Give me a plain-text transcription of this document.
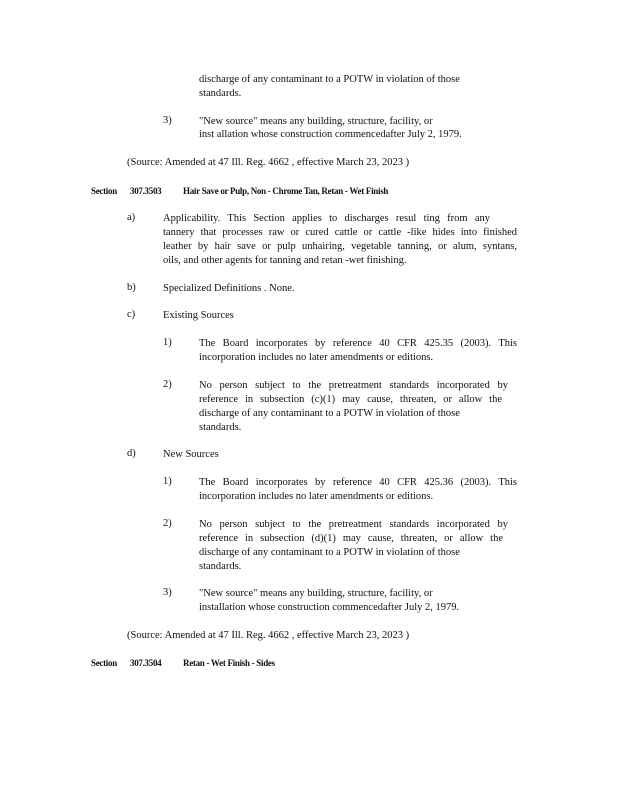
discharge of any contaminant to a POTW in violation of those
standards.
3)	"New source" means any building, structure, facility, or
inst allation whose construction commencedafter July 2, 1979.
(Source: Amended at 47 Ill. Reg. 4662 , effective March 23, 2023 )
Section 307.3503 Hair Save or Pulp, Non - Chrome Tan, Retan - Wet Finish
a)	Applicability. This Section applies to discharges resul ting from any
tannery that processes raw or cured cattle or cattle -like hides into finished
leather by hair save or pulp unhairing, vegetable tanning, or alum, syntans,
oils, and other agents for tanning and retan -wet finishing.
b)	Specialized Definitions . None.
c)	Existing Sources
1)	The Board incorporates by reference 40 CFR 425.35 (2003). This
incorporation includes no later amendments or editions.
2)	No person subject to the pretreatment standards incorporated by
reference in subsection (c)(1) may cause, threaten, or allow the
discharge of any contaminant to a POTW in violation of those
standards.
d)	New Sources
1)	The Board incorporates by reference 40 CFR 425.36 (2003). This
incorporation includes no later amendments or editions.
2)	No person subject to the pretreatment standards incorporated by
reference in subsection (d)(1) may cause, threaten, or allow the
discharge of any contaminant to a POTW in violation of those
standards.
3)	"New source" means any building, structure, facility, or
installation whose construction commencedafter July 2, 1979.
(Source: Amended at 47 Ill. Reg. 4662 , effective March 23, 2023 )
Section 307.3504 Retan - Wet Finish - Sides
